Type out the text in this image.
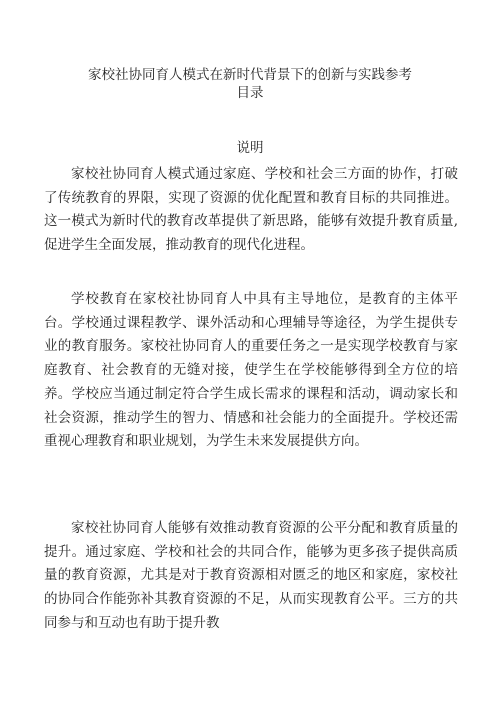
家校社协同育人模式在新时代背景下的创新与实践参考
目录
说明

家校社协同育人模式通过家庭、学校和社会三方面的协作，打破了传统教育的界限，实现了资源的优化配置和教育目标的共同推进。这一模式为新时代的教育改革提供了新思路，能够有效提升教育质量,促进学生全面发展，推动教育的现代化进程。

学校教育在家校社协同育人中具有主导地位，是教育的主体平台。学校通过课程教学、课外活动和心理辅导等途径，为学生提供专业的教育服务。家校社协同育人的重要任务之一是实现学校教育与家庭教育、社会教育的无缝对接，使学生在学校能够得到全方位的培养。学校应当通过制定符合学生成长需求的课程和活动，调动家长和社会资源，推动学生的智力、情感和社会能力的全面提升。学校还需重视心理教育和职业规划，为学生未来发展提供方向。

家校社协同育人能够有效推动教育资源的公平分配和教育质量的提升。通过家庭、学校和社会的共同合作，能够为更多孩子提供高质量的教育资源，尤其是对于教育资源相对匮乏的地区和家庭，家校社的协同合作能弥补其教育资源的不足，从而实现教育公平。三方的共同参与和互动也有助于提升教
